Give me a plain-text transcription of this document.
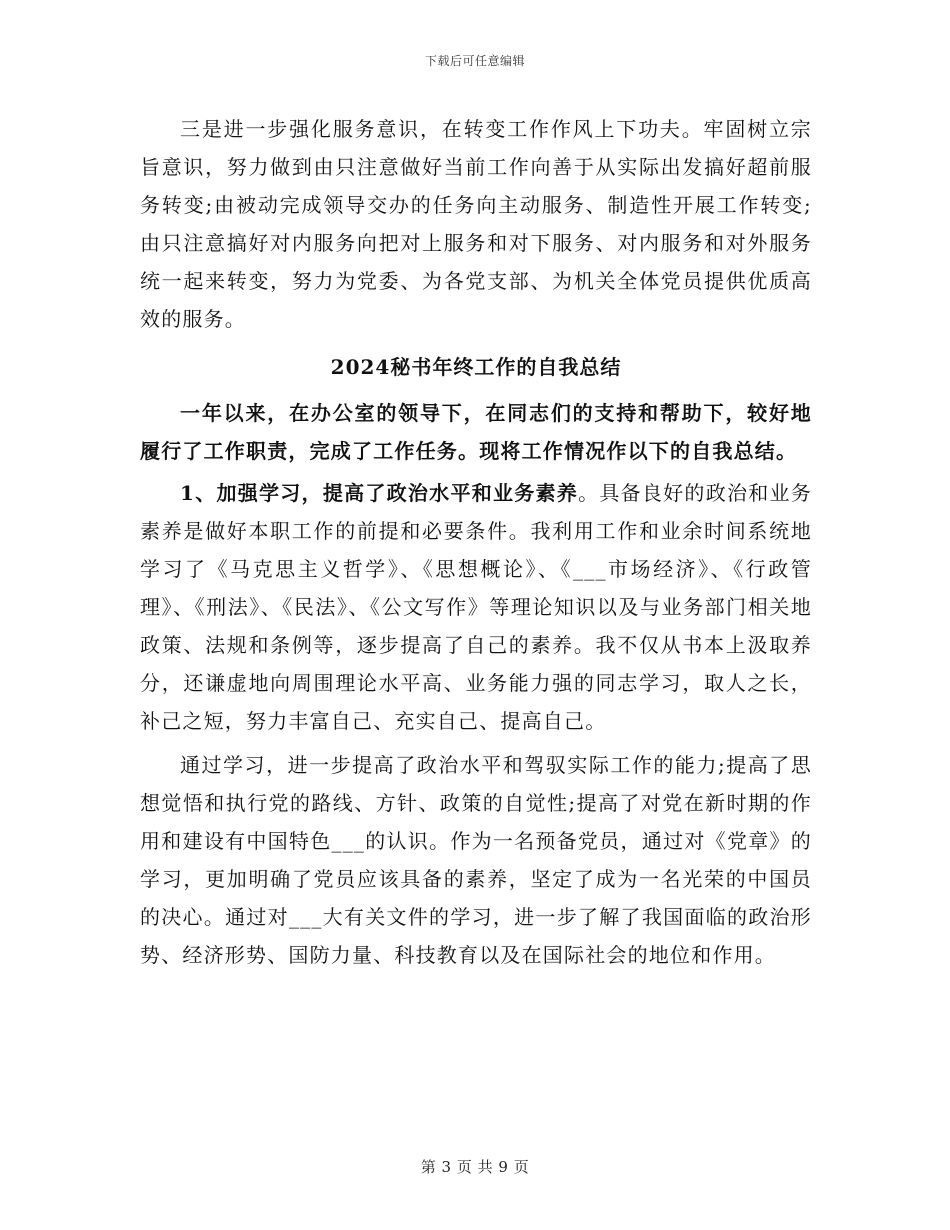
下载后可任意编辑

三是进一步强化服务意识，在转变工作作风上下功夫。牢固树立宗旨意识，努力做到由只注意做好当前工作向善于从实际出发搞好超前服务转变;由被动完成领导交办的任务向主动服务、制造性开展工作转变;由只注意搞好对内服务向把对上服务和对下服务、对内服务和对外服务统一起来转变，努力为党委、为各党支部、为机关全体党员提供优质高效的服务。

2024秘书年终工作的自我总结

一年以来，在办公室的领导下，在同志们的支持和帮助下，较好地履行了工作职责，完成了工作任务。现将工作情况作以下的自我总结。

1、加强学习，提高了政治水平和业务素养。具备良好的政治和业务素养是做好本职工作的前提和必要条件。我利用工作和业余时间系统地学习了《马克思主义哲学》、《思想概论》、《___市场经济》、《行政管理》、《刑法》、《民法》、《公文写作》等理论知识以及与业务部门相关地政策、法规和条例等，逐步提高了自己的素养。我不仅从书本上汲取养分，还谦虚地向周围理论水平高、业务能力强的同志学习，取人之长，补己之短，努力丰富自己、充实自己、提高自己。

通过学习，进一步提高了政治水平和驾驭实际工作的能力;提高了思想觉悟和执行党的路线、方针、政策的自觉性;提高了对党在新时期的作用和建设有中国特色___的认识。作为一名预备党员，通过对《党章》的学习，更加明确了党员应该具备的素养，坚定了成为一名光荣的中国员的决心。通过对___大有关文件的学习，进一步了解了我国面临的政治形势、经济形势、国防力量、科技教育以及在国际社会的地位和作用。

第 3 页 共 9 页
